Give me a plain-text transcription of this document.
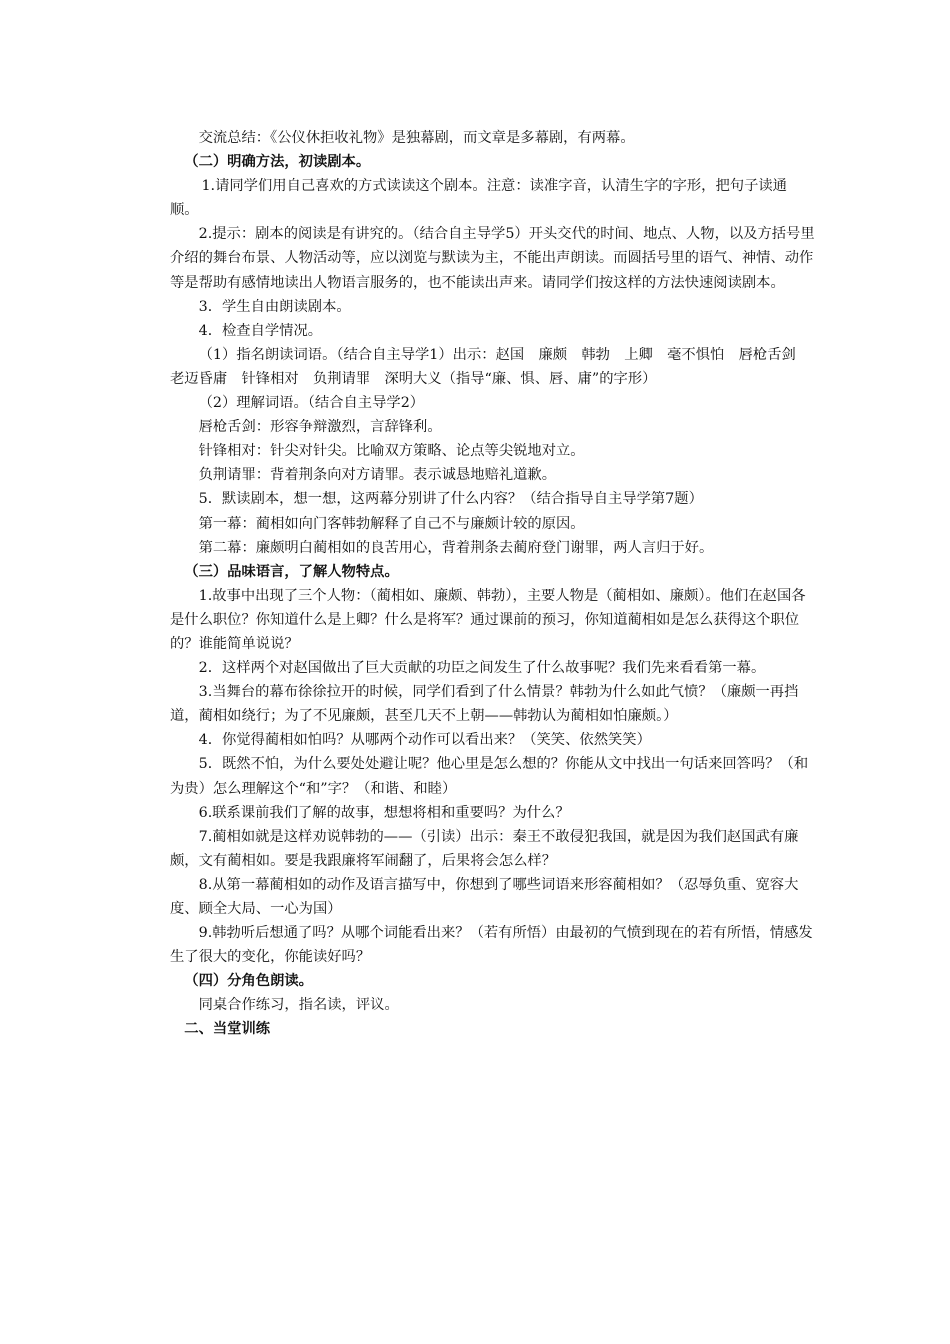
交流总结：《公仪休拒收礼物》是独幕剧，而文章是多幕剧，有两幕。

（二）明确方法，初读剧本。

1.请同学们用自己喜欢的方式读读这个剧本。注意：读准字音，认清生字的字形，把句子读通顺。

2.提示：剧本的阅读是有讲究的。（结合自主导学5）开头交代的时间、地点、人物，以及方括号里介绍的舞台布景、人物活动等，应以浏览与默读为主，不能出声朗读。而圆括号里的语气、神情、动作等是帮助有感情地读出人物语言服务的，也不能读出声来。请同学们按这样的方法快速阅读剧本。

3．学生自由朗读剧本。

4．检查自学情况。

（1）指名朗读词语。（结合自主导学1）出示：赵国　廉颇　韩勃　上卿　毫不惧怕　唇枪舌剑　老迈昏庸　针锋相对　负荆请罪　深明大义（指导“廉、惧、唇、庸”的字形）

（2）理解词语。（结合自主导学2）

唇枪舌剑：形容争辩激烈，言辞锋利。

针锋相对：针尖对针尖。比喻双方策略、论点等尖锐地对立。

负荆请罪：背着荆条向对方请罪。表示诚恳地赔礼道歉。

5．默读剧本，想一想，这两幕分别讲了什么内容？（结合指导自主导学第7题）

第一幕：蔺相如向门客韩勃解释了自己不与廉颇计较的原因。

第二幕：廉颇明白蔺相如的良苦用心，背着荆条去蔺府登门谢罪，两人言归于好。

（三）品味语言，了解人物特点。

1.故事中出现了三个人物：（蔺相如、廉颇、韩勃），主要人物是（蔺相如、廉颇）。他们在赵国各是什么职位？你知道什么是上卿？什么是将军？通过课前的预习，你知道蔺相如是怎么获得这个职位的？谁能简单说说？

2．这样两个对赵国做出了巨大贡献的功臣之间发生了什么故事呢？我们先来看看第一幕。

3.当舞台的幕布徐徐拉开的时候，同学们看到了什么情景？韩勃为什么如此气愤？（廉颇一再挡道，蔺相如绕行；为了不见廉颇，甚至几天不上朝——韩勃认为蔺相如怕廉颇。）

4．你觉得蔺相如怕吗？从哪两个动作可以看出来？（笑笑、依然笑笑）

5．既然不怕，为什么要处处避让呢？他心里是怎么想的？你能从文中找出一句话来回答吗？（和为贵）怎么理解这个“和”字？（和谐、和睦）

6.联系课前我们了解的故事，想想将相和重要吗？为什么？

7.蔺相如就是这样劝说韩勃的——（引读）出示：秦王不敢侵犯我国，就是因为我们赵国武有廉颇，文有蔺相如。要是我跟廉将军闹翻了，后果将会怎么样？

8.从第一幕蔺相如的动作及语言描写中，你想到了哪些词语来形容蔺相如？（忍辱负重、宽容大度、顾全大局、一心为国）

9.韩勃听后想通了吗？从哪个词能看出来？（若有所悟）由最初的气愤到现在的若有所悟，情感发生了很大的变化，你能读好吗？

（四）分角色朗读。

同桌合作练习，指名读，评议。

二、当堂训练
